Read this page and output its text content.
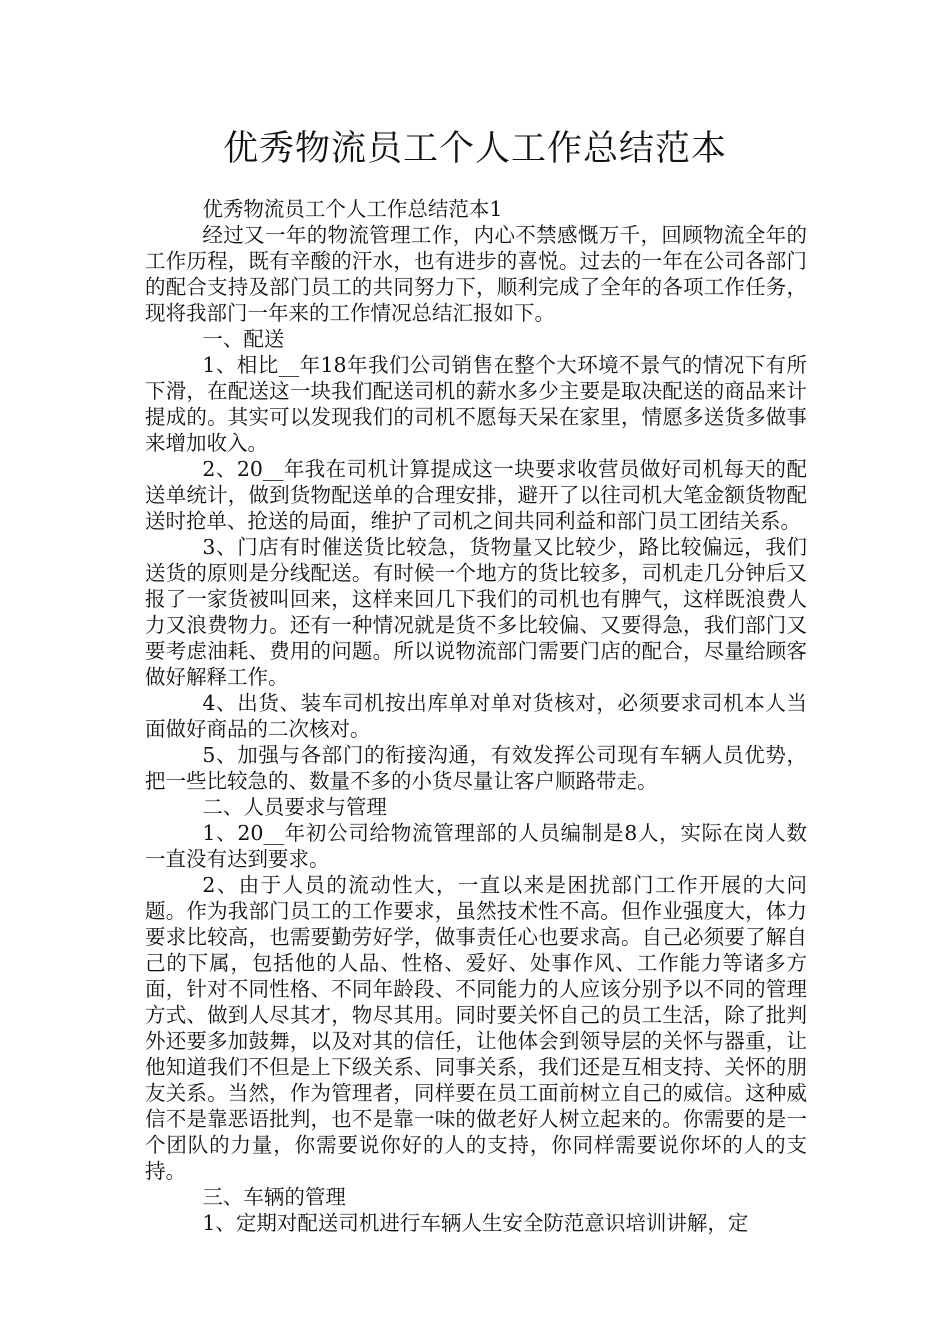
优秀物流员工个人工作总结范本

优秀物流员工个人工作总结范本1

经过又一年的物流管理工作，内心不禁感慨万千，回顾物流全年的工作历程，既有辛酸的汗水，也有进步的喜悦。过去的一年在公司各部门的配合支持及部门员工的共同努力下，顺利完成了全年的各项工作任务，现将我部门一年来的工作情况总结汇报如下。

一、配送

1、相比__年18年我们公司销售在整个大环境不景气的情况下有所下滑，在配送这一块我们配送司机的薪水多少主要是取决配送的商品来计提成的。其实可以发现我们的司机不愿每天呆在家里，情愿多送货多做事来增加收入。

2、20__年我在司机计算提成这一块要求收营员做好司机每天的配送单统计，做到货物配送单的合理安排，避开了以往司机大笔金额货物配送时抢单、抢送的局面，维护了司机之间共同利益和部门员工团结关系。

3、门店有时催送货比较急，货物量又比较少，路比较偏远，我们送货的原则是分线配送。有时候一个地方的货比较多，司机走几分钟后又报了一家货被叫回来，这样来回几下我们的司机也有脾气，这样既浪费人力又浪费物力。还有一种情况就是货不多比较偏、又要得急，我们部门又要考虑油耗、费用的问题。所以说物流部门需要门店的配合，尽量给顾客做好解释工作。

4、出货、装车司机按出库单对单对货核对，必须要求司机本人当面做好商品的二次核对。

5、加强与各部门的衔接沟通，有效发挥公司现有车辆人员优势，把一些比较急的、数量不多的小货尽量让客户顺路带走。

二、人员要求与管理

1、20__年初公司给物流管理部的人员编制是8人，实际在岗人数一直没有达到要求。

2、由于人员的流动性大，一直以来是困扰部门工作开展的大问题。作为我部门员工的工作要求，虽然技术性不高。但作业强度大，体力要求比较高，也需要勤劳好学，做事责任心也要求高。自己必须要了解自己的下属，包括他的人品、性格、爱好、处事作风、工作能力等诸多方面，针对不同性格、不同年龄段、不同能力的人应该分别予以不同的管理方式、做到人尽其才，物尽其用。同时要关怀自己的员工生活，除了批判外还要多加鼓舞，以及对其的信任，让他体会到领导层的关怀与器重，让他知道我们不但是上下级关系、同事关系，我们还是互相支持、关怀的朋友关系。当然，作为管理者，同样要在员工面前树立自己的威信。这种威信不是靠恶语批判，也不是靠一味的做老好人树立起来的。你需要的是一个团队的力量，你需要说你好的人的支持，你同样需要说你坏的人的支持。

三、车辆的管理

1、定期对配送司机进行车辆人生安全防范意识培训讲解，定
